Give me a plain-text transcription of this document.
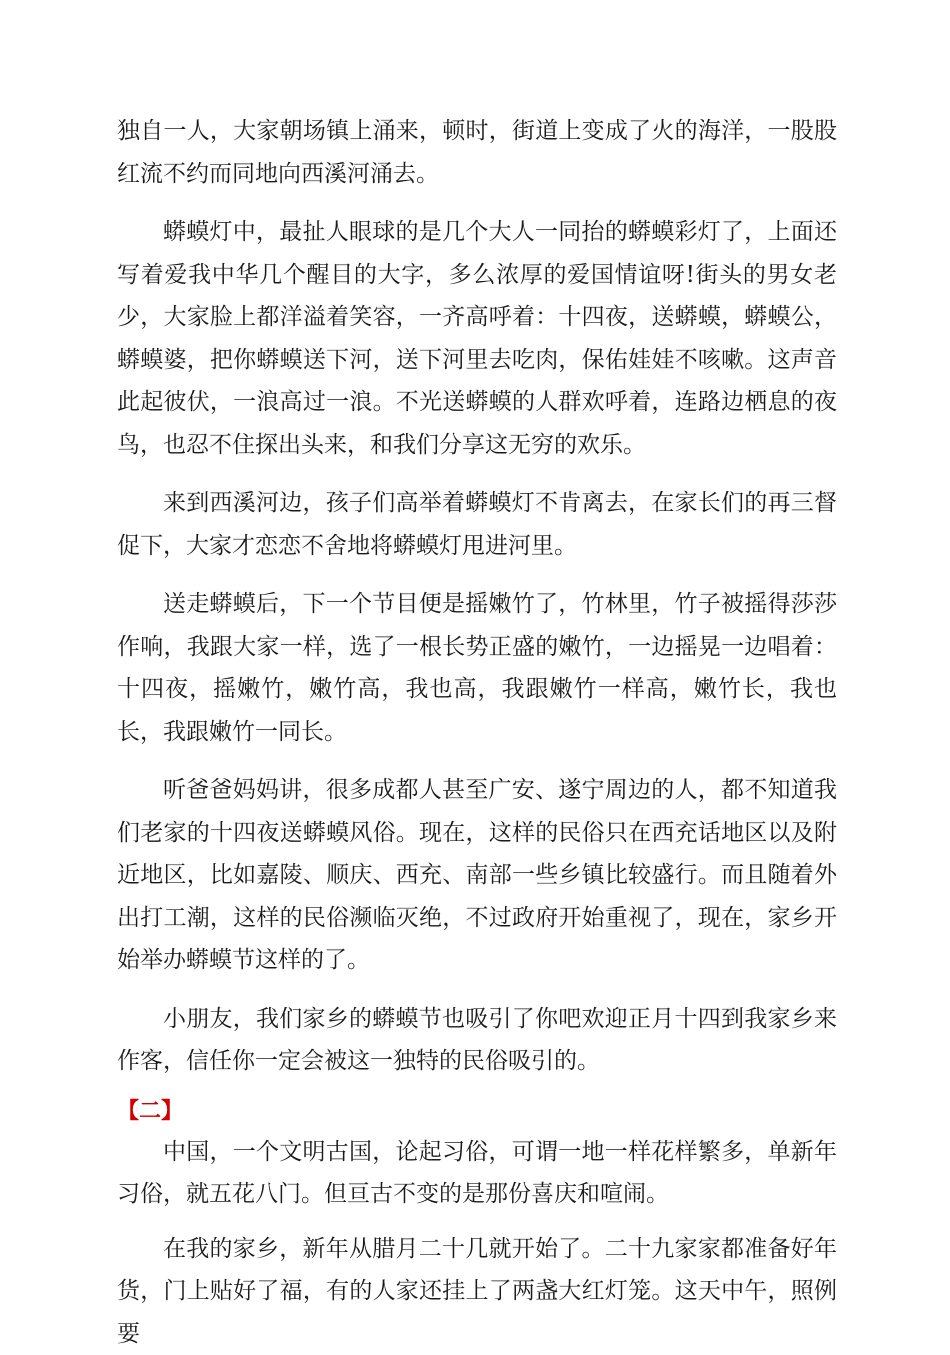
独自一人，大家朝场镇上涌来，顿时，街道上变成了火的海洋，一股股红流不约而同地向西溪河涌去。

蟒蟆灯中，最扯人眼球的是几个大人一同抬的蟒蟆彩灯了，上面还写着爱我中华几个醒目的大字，多么浓厚的爱国情谊呀!街头的男女老少，大家脸上都洋溢着笑容，一齐高呼着：十四夜，送蟒蟆，蟒蟆公，蟒蟆婆，把你蟒蟆送下河，送下河里去吃肉，保佑娃娃不咳嗽。这声音此起彼伏，一浪高过一浪。不光送蟒蟆的人群欢呼着，连路边栖息的夜鸟，也忍不住探出头来，和我们分享这无穷的欢乐。

来到西溪河边，孩子们高举着蟒蟆灯不肯离去，在家长们的再三督促下，大家才恋恋不舍地将蟒蟆灯甩进河里。

送走蟒蟆后，下一个节目便是摇嫩竹了，竹林里，竹子被摇得莎莎作响，我跟大家一样，选了一根长势正盛的嫩竹，一边摇晃一边唱着：十四夜，摇嫩竹，嫩竹高，我也高，我跟嫩竹一样高，嫩竹长，我也长，我跟嫩竹一同长。

听爸爸妈妈讲，很多成都人甚至广安、遂宁周边的人，都不知道我们老家的十四夜送蟒蟆风俗。现在，这样的民俗只在西充话地区以及附近地区，比如嘉陵、顺庆、西充、南部一些乡镇比较盛行。而且随着外出打工潮，这样的民俗濒临灭绝，不过政府开始重视了，现在，家乡开始举办蟒蟆节这样的了。

小朋友，我们家乡的蟒蟆节也吸引了你吧欢迎正月十四到我家乡来作客，信任你一定会被这一独特的民俗吸引的。

【二】

中国，一个文明古国，论起习俗，可谓一地一样花样繁多，单新年习俗，就五花八门。但亘古不变的是那份喜庆和喧闹。

在我的家乡，新年从腊月二十几就开始了。二十九家家都准备好年货，门上贴好了福，有的人家还挂上了两盏大红灯笼。这天中午，照例要
